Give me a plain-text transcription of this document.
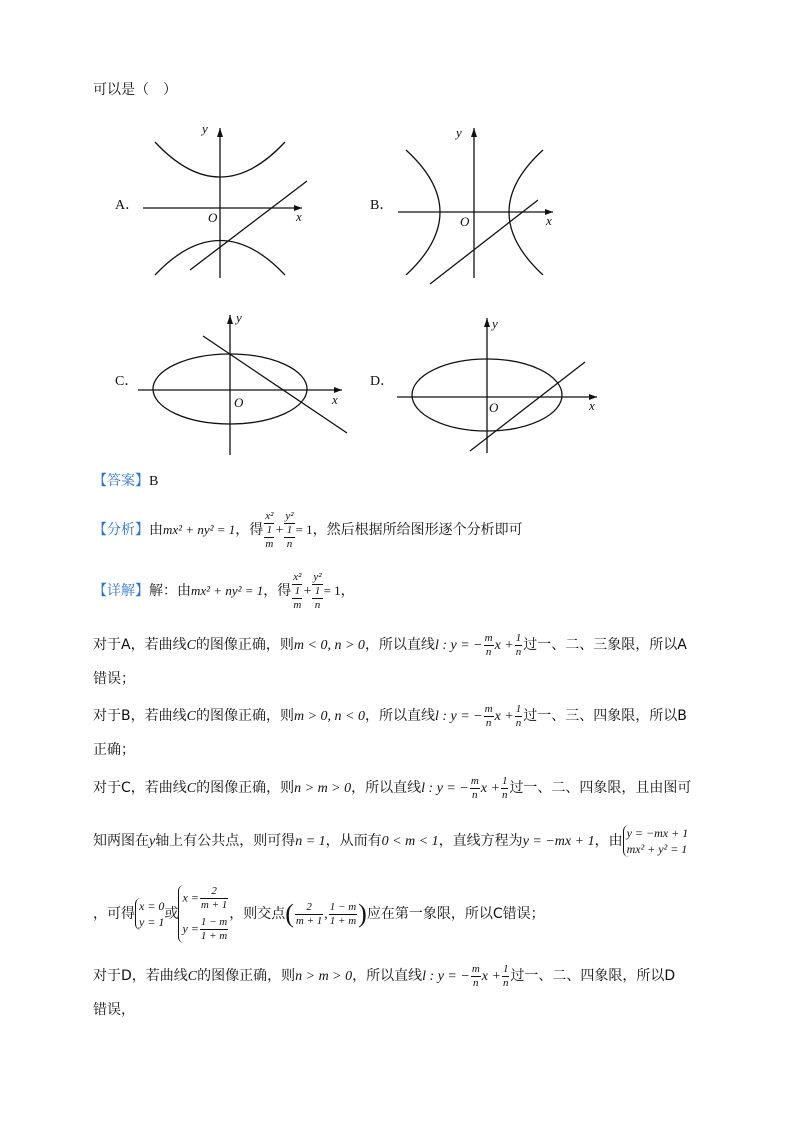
可以是（　）
A．
O	x
y
B．
O	x
y
C．
O	x
y
D．
O	x
y
【答案】B
【分析】由mx² + ny² = 1，得
x²
1
m
+
y²
1
n
= 1，然后根据所给图形逐个分析即可
【详解】解：由mx² + ny² = 1，得
x²
1
m
+
y²
1
n
= 1，
对于A，若曲线C的图像正确，则m < 0, n > 0，所以直线l : y = − $\frac{m}{n}$ $x + \frac{1}{n}$ 过一、二、三象限，所以A
错误；
对于B，若曲线C的图像正确，则m > 0, n < 0，所以直线l : y = − $\frac{m}{n}$ $x + \frac{1}{n}$ 过一、三、四象限，所以B
正确；
对于C，若曲线C的图像正确，则n > m > 0，所以直线l : y = − $\frac{m}{n}$ $x + \frac{1}{n}$ 过一、二、四象限，且由图可
知两图在y轴上有公共点，则可得n = 1，从而有0 < m < 1，直线方程为y = −mx + 1，由 y = −mx + 1
mx² + y² = 1
，可得 x = 0
y = 1 或
$x = \frac{2}{m + 1}$
$y = \frac{1 - m}{1 + m}$
，则交点( $\frac{2}{m + 1}$ , $\frac{1 - m}{1 + m}$ )应在第一象限，所以C错误；
对于D，若曲线C的图像正确，则n > m > 0，所以直线l : y = − $\frac{m}{n}$ $x + \frac{1}{n}$ 过一、二、四象限，所以D
错误，
